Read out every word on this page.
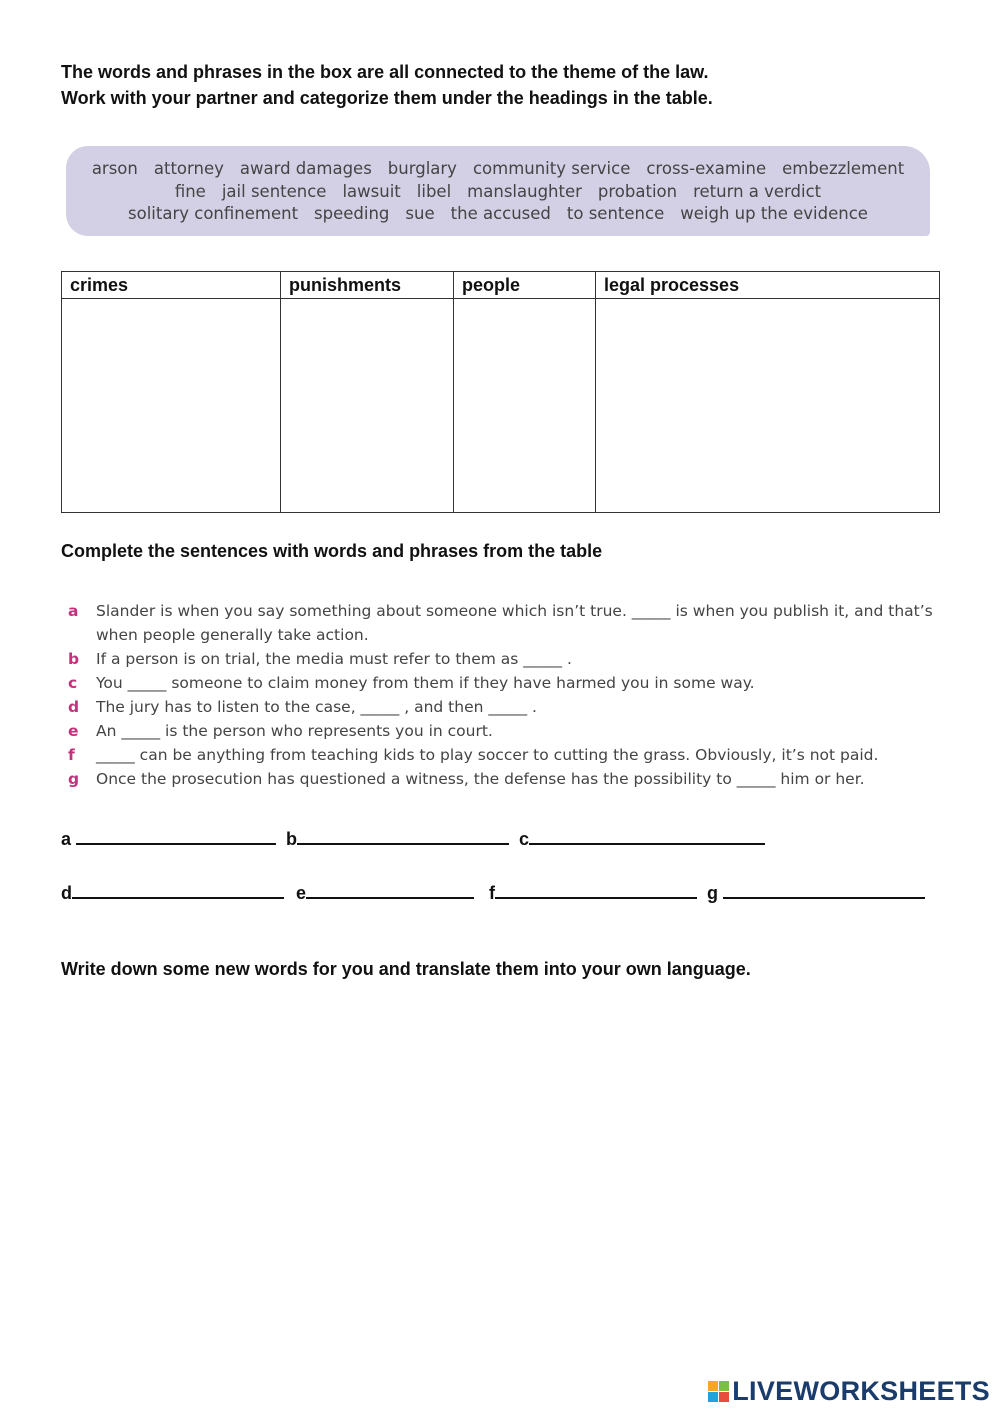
The words and phrases in the box are all connected to the theme of the law.
Work with your partner and categorize them under the headings in the table.

arson attorney award damages burglary community service cross-examine embezzlement
fine jail sentence lawsuit libel manslaughter probation return a verdict
solitary confinement speeding sue the accused to sentence weigh up the evidence
crimes	punishments	people	legal processes

Complete the sentences with words and phrases from the table

a	Slander is when you say something about someone which isn’t true. _____ is when you publish it, and that’s when people generally take action.
b	If a person is on trial, the media must refer to them as _____ .
c	You _____ someone to claim money from them if they have harmed you in some way.
d	The jury has to listen to the case, _____ , and then _____ .
e	An _____ is the person who represents you in court.
f	_____ can be anything from teaching kids to play soccer to cutting the grass. Obviously, it’s not paid.
g	Once the prosecution has questioned a witness, the defense has the possibility to _____ him or her.
a	b	c
d	e	f	g

Write down some new words for you and translate them into your own language.

LIVEWORKSHEETS
